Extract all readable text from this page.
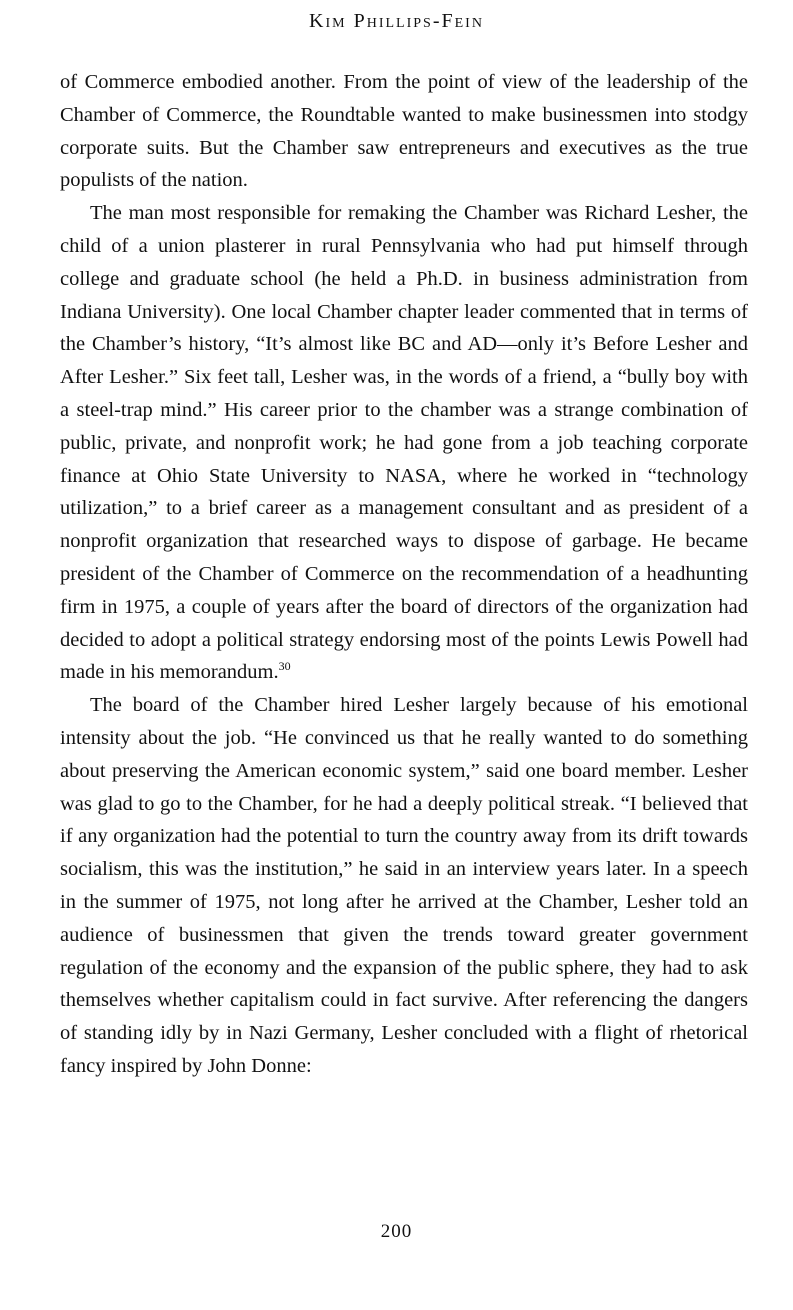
Kim Phillips-Fein

of Commerce embodied another. From the point of view of the leadership of the Chamber of Commerce, the Roundtable wanted to make businessmen into stodgy corporate suits. But the Chamber saw entrepreneurs and executives as the true populists of the nation.

The man most responsible for remaking the Chamber was Richard Lesher, the child of a union plasterer in rural Pennsylvania who had put himself through college and graduate school (he held a Ph.D. in business administration from Indiana University). One local Chamber chapter leader commented that in terms of the Chamber’s history, “It’s almost like BC and AD—only it’s Before Lesher and After Lesher.” Six feet tall, Lesher was, in the words of a friend, a “bully boy with a steel-trap mind.” His career prior to the chamber was a strange combination of public, private, and nonprofit work; he had gone from a job teaching corporate finance at Ohio State University to NASA, where he worked in “technology utilization,” to a brief career as a management consultant and as president of a nonprofit organization that researched ways to dispose of garbage. He became president of the Chamber of Commerce on the recommendation of a headhunting firm in 1975, a couple of years after the board of directors of the organization had decided to adopt a political strategy endorsing most of the points Lewis Powell had made in his memorandum.$^{30}$

The board of the Chamber hired Lesher largely because of his emotional intensity about the job. “He convinced us that he really wanted to do something about preserving the American economic system,” said one board member. Lesher was glad to go to the Chamber, for he had a deeply political streak. “I believed that if any organization had the potential to turn the country away from its drift towards socialism, this was the institution,” he said in an interview years later. In a speech in the summer of 1975, not long after he arrived at the Chamber, Lesher told an audience of businessmen that given the trends toward greater government regulation of the economy and the expansion of the public sphere, they had to ask themselves whether capitalism could in fact survive. After referencing the dangers of standing idly by in Nazi Germany, Lesher concluded with a flight of rhetorical fancy inspired by John Donne:

200
